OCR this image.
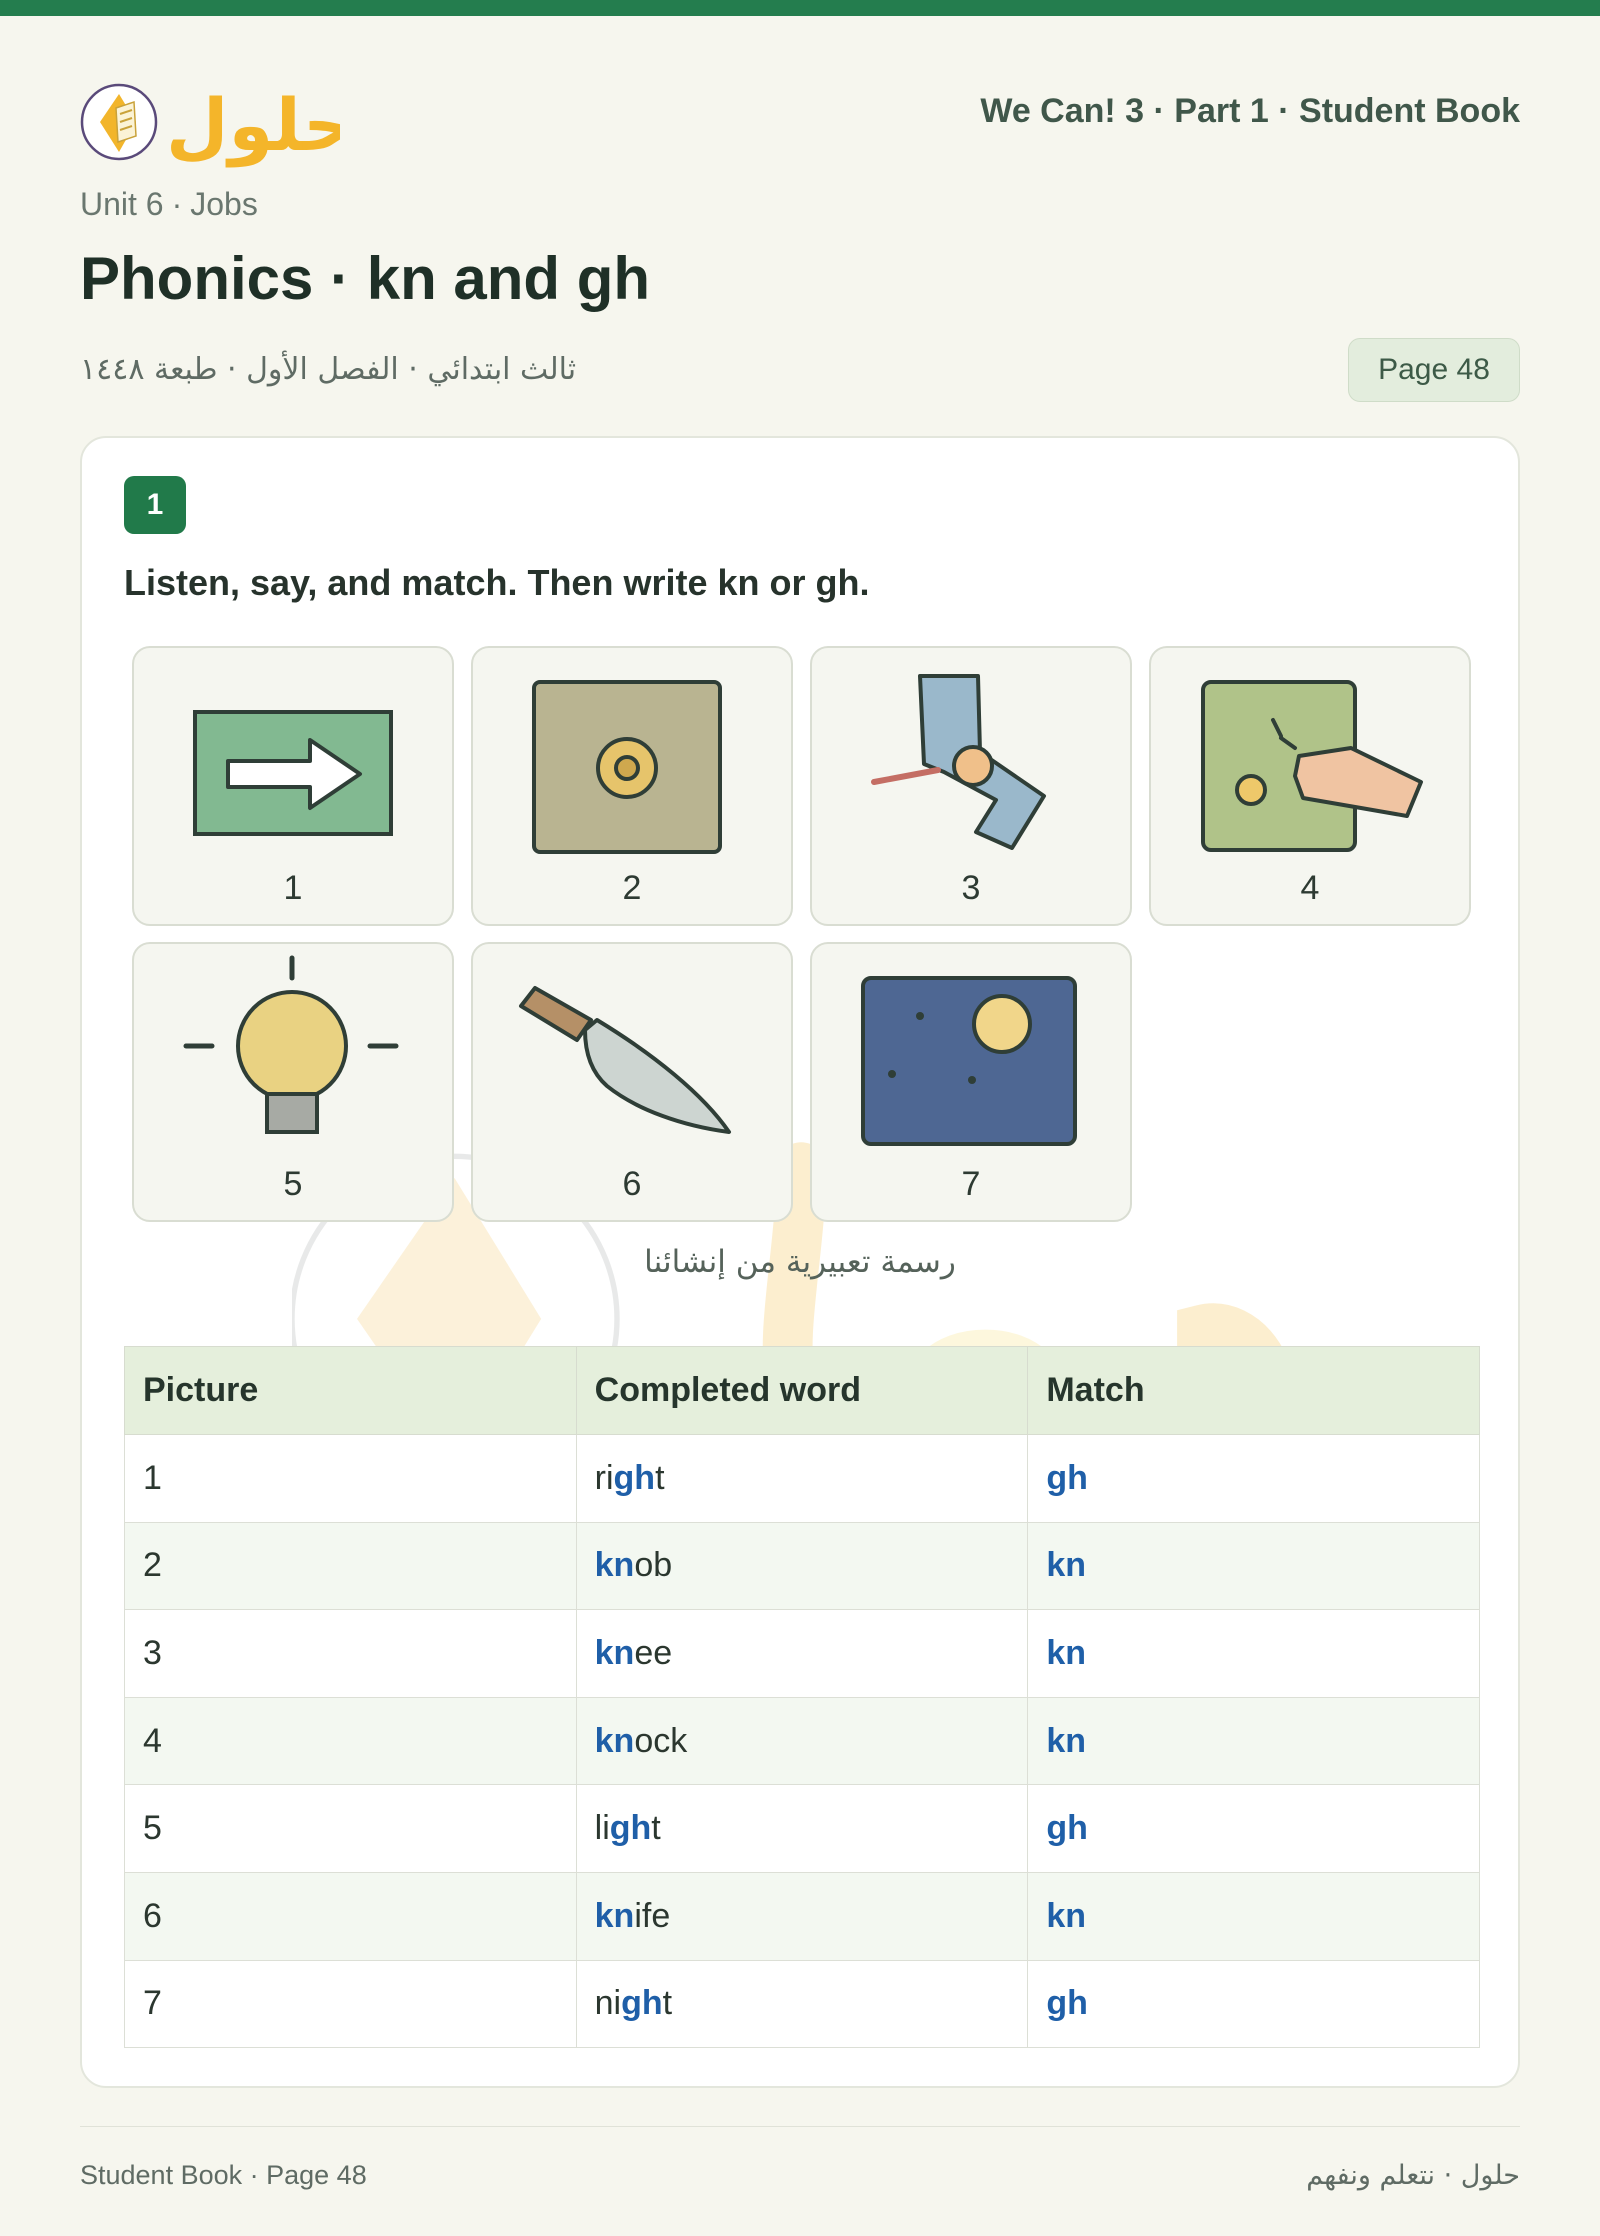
حلول	We Can! 3 · Part 1 · Student Book
Unit 6 · Jobs
Phonics · kn and gh
ثالث ابتدائي · الفصل الأول · طبعة ١٤٤٨	Page 48
1
Listen, say, and match. Then write kn or gh.
1	2	3	4
5	6	7
رسمة تعبيرية من إنشائنا
Picture	Completed word	Match
1	right	gh
2	knob	kn
3	knee	kn
4	knock	kn
5	light	gh
6	knife	kn
7	night	gh
Student Book · Page 48	حلول · نتعلم ونفهم
